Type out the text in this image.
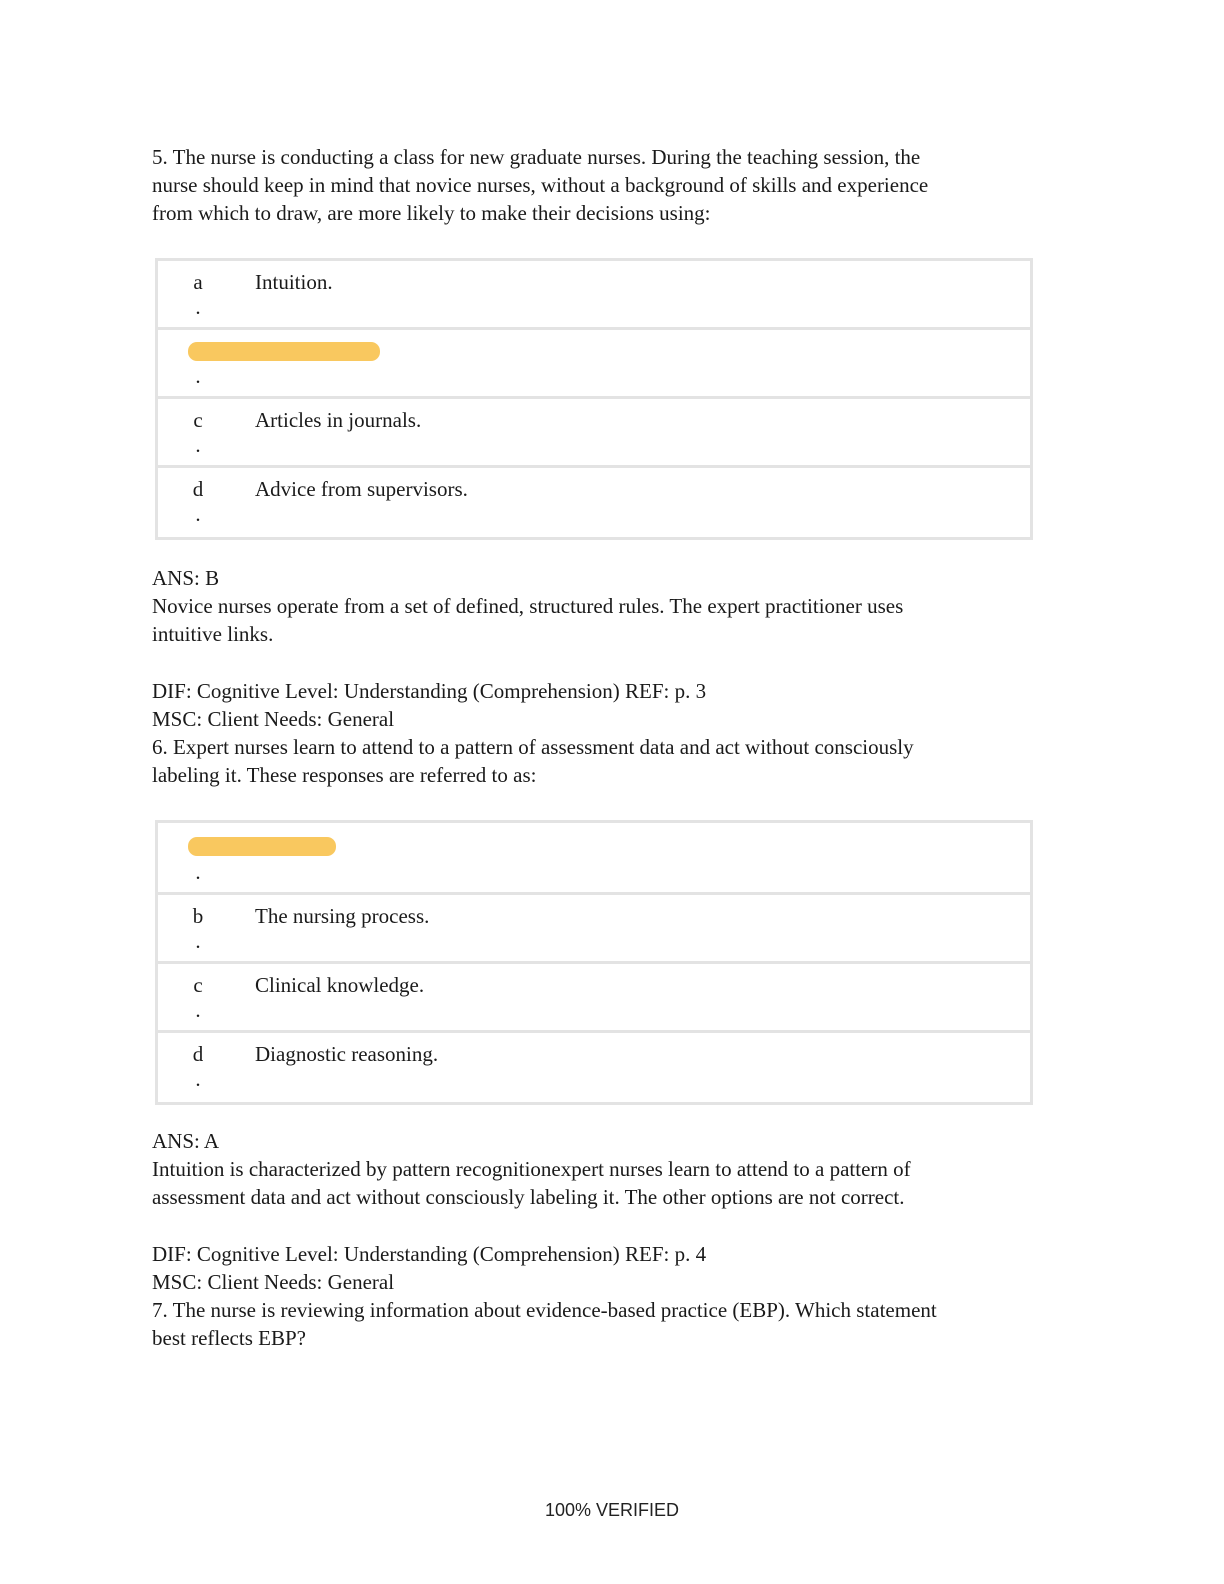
5. The nurse is conducting a class for new graduate nurses. During the teaching session, the
nurse should keep in mind that novice nurses, without a background of skills and experience
from which to draw, are more likely to make their decisions using:

a
.
Intuition.
.
c
.
Articles in journals.
d
.
Advice from supervisors.

ANS: B
Novice nurses operate from a set of defined, structured rules. The expert practitioner uses
intuitive links.

DIF: Cognitive Level: Understanding (Comprehension) REF: p. 3
MSC: Client Needs: General
6. Expert nurses learn to attend to a pattern of assessment data and act without consciously
labeling it. These responses are referred to as:

.
b
.
The nursing process.
c
.
Clinical knowledge.
d
.
Diagnostic reasoning.

ANS: A
Intuition is characterized by pattern recognitionexpert nurses learn to attend to a pattern of
assessment data and act without consciously labeling it. The other options are not correct.

DIF: Cognitive Level: Understanding (Comprehension) REF: p. 4
MSC: Client Needs: General
7. The nurse is reviewing information about evidence-based practice (EBP). Which statement
best reflects EBP?

100% VERIFIED
